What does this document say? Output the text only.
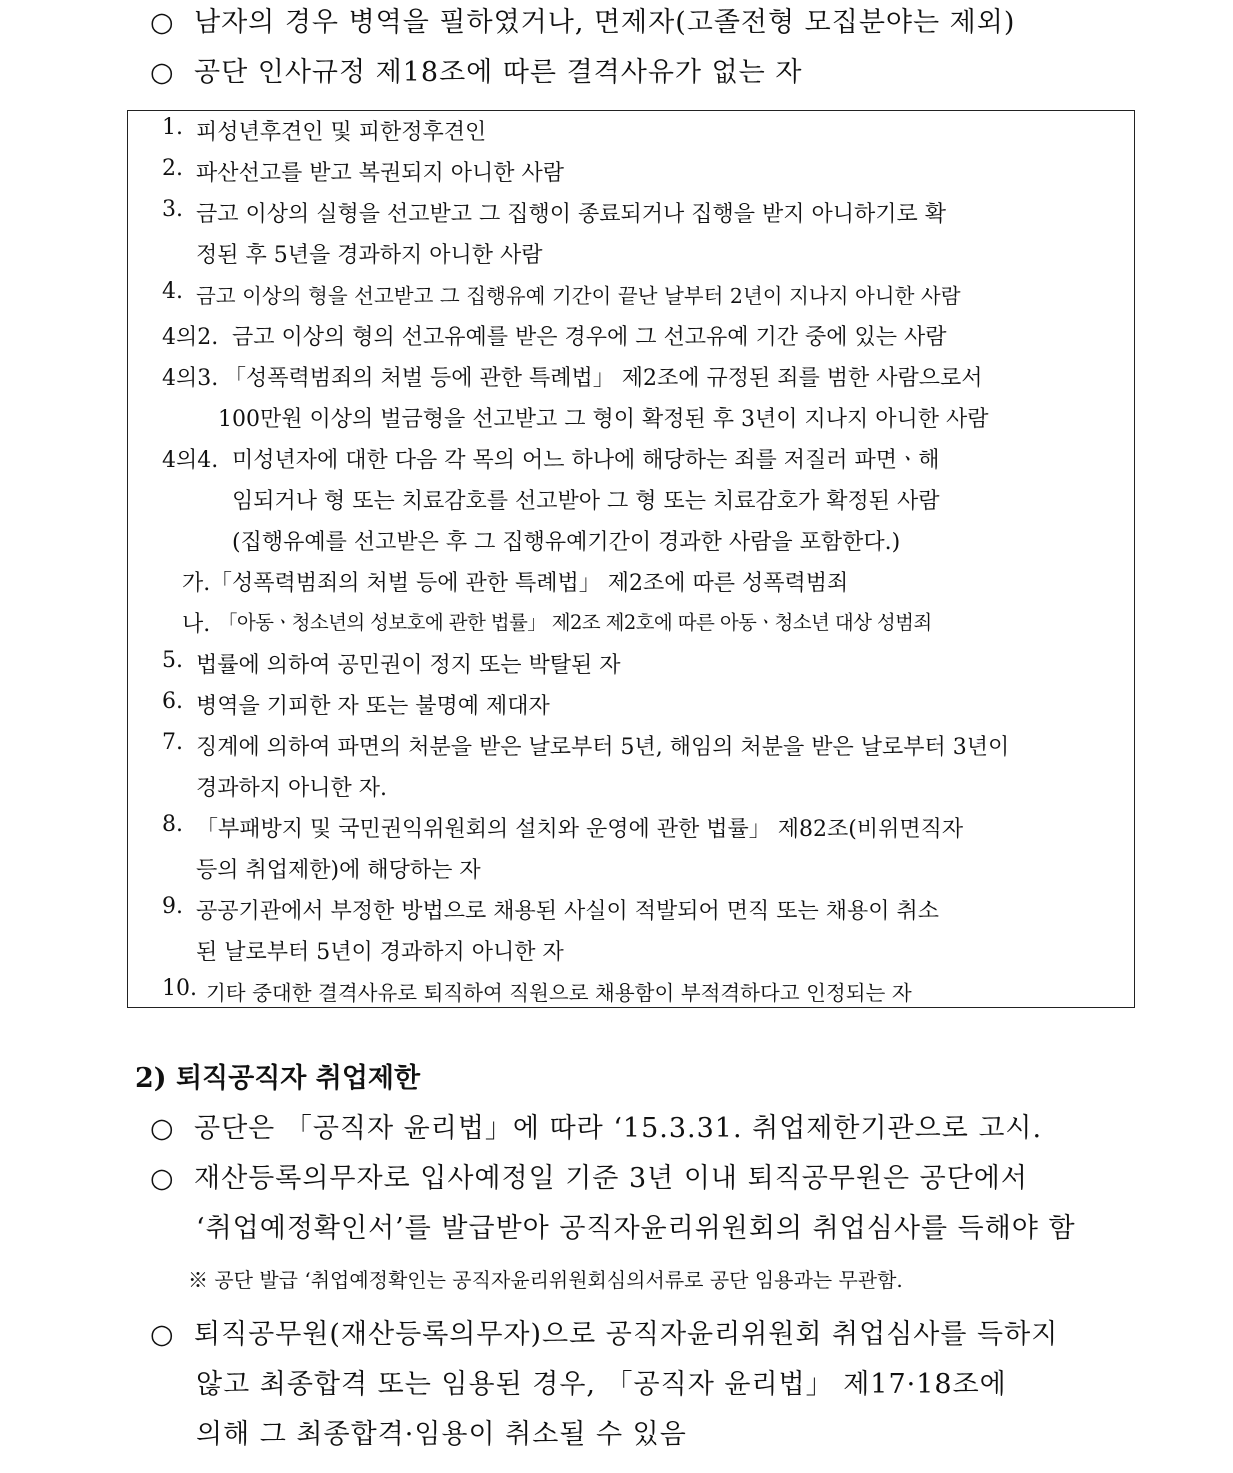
○ 남자의 경우 병역을 필하였거나, 면제자(고졸전형 모집분야는 제외)
○ 공단 인사규정 제18조에 따른 결격사유가 없는 자
1. 피성년후견인 및 피한정후견인
2. 파산선고를 받고 복권되지 아니한 사람
3. 금고 이상의 실형을 선고받고 그 집행이 종료되거나 집행을 받지 아니하기로 확
정된 후 5년을 경과하지 아니한 사람
4. 금고 이상의 형을 선고받고 그 집행유예 기간이 끝난 날부터 2년이 지나지 아니한 사람
4의2. 금고 이상의 형의 선고유예를 받은 경우에 그 선고유예 기간 중에 있는 사람
4의3. 「성폭력범죄의 처벌 등에 관한 특례법」 제2조에 규정된 죄를 범한 사람으로서
100만원 이상의 벌금형을 선고받고 그 형이 확정된 후 3년이 지나지 아니한 사람
4의4. 미성년자에 대한 다음 각 목의 어느 하나에 해당하는 죄를 저질러 파면ㆍ해
임되거나 형 또는 치료감호를 선고받아 그 형 또는 치료감호가 확정된 사람
(집행유예를 선고받은 후 그 집행유예기간이 경과한 사람을 포함한다.)
가. 「성폭력범죄의 처벌 등에 관한 특례법」 제2조에 따른 성폭력범죄
나. 「아동ㆍ청소년의 성보호에 관한 법률」 제2조 제2호에 따른 아동ㆍ청소년 대상 성범죄
5. 법률에 의하여 공민권이 정지 또는 박탈된 자
6. 병역을 기피한 자 또는 불명예 제대자
7. 징계에 의하여 파면의 처분을 받은 날로부터 5년, 해임의 처분을 받은 날로부터 3년이
경과하지 아니한 자.
8. 「부패방지 및 국민권익위원회의 설치와 운영에 관한 법률」 제82조(비위면직자
등의 취업제한)에 해당하는 자
9. 공공기관에서 부정한 방법으로 채용된 사실이 적발되어 면직 또는 채용이 취소
된 날로부터 5년이 경과하지 아니한 자
10. 기타 중대한 결격사유로 퇴직하여 직원으로 채용함이 부적격하다고 인정되는 자
2) 퇴직공직자 취업제한
○ 공단은 「공직자 윤리법」에 따라 ‘15.3.31. 취업제한기관으로 고시.
○ 재산등록의무자로 입사예정일 기준 3년 이내 퇴직공무원은 공단에서
‘취업예정확인서’를 발급받아 공직자윤리위원회의 취업심사를 득해야 함
※ 공단 발급 ‘취업예정확인는 공직자윤리위원회심의서류로 공단 임용과는 무관함.
○ 퇴직공무원(재산등록의무자)으로 공직자윤리위원회 취업심사를 득하지
않고 최종합격 또는 임용된 경우, 「공직자 윤리법」 제17·18조에
의해 그 최종합격·임용이 취소될 수 있음
